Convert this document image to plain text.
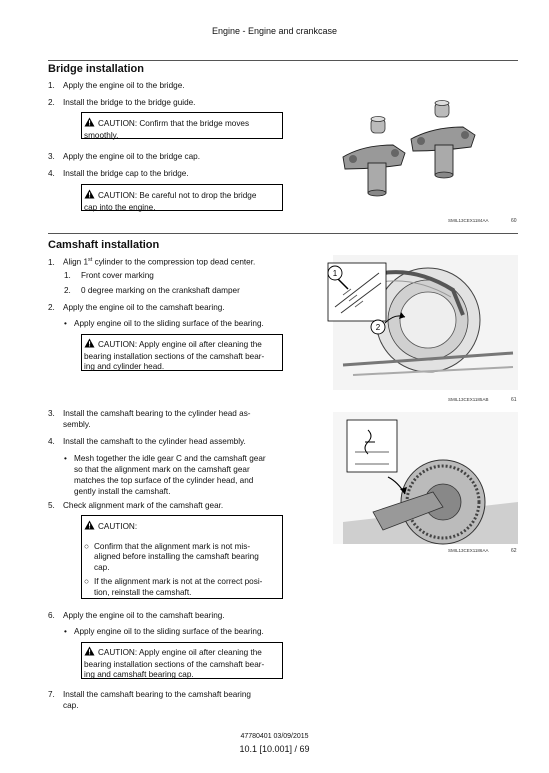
Engine - Engine and crankcase
Bridge installation
1. Apply the engine oil to the bridge.
2. Install the bridge to the bridge guide.
CAUTION: Confirm that the bridge moves
smoothly.
3. Apply the engine oil to the bridge cap.
4. Install the bridge cap to the bridge.
CAUTION: Be careful not to drop the bridge
cap into the engine.
SMIL13CEX1184AA	60
Camshaft installation
1. Align 1st cylinder to the compression top dead center.
1. Front cover marking
2. 0 degree marking on the crankshaft damper
2. Apply the engine oil to the camshaft bearing.
• Apply engine oil to the sliding surface of the bearing.
CAUTION: Apply engine oil after cleaning the
bearing installation sections of the camshaft bear-
ing and cylinder head.
1
2
SMIL13CEX1185AB	61
3. Install the camshaft bearing to the cylinder head as-
sembly.
4. Install the camshaft to the cylinder head assembly.
• Mesh together the idle gear C and the camshaft gear
so that the alignment mark on the camshaft gear
matches the top surface of the cylinder head, and
gently install the camshaft.
5. Check alignment mark of the camshaft gear.
CAUTION:
○ Confirm that the alignment mark is not mis-
aligned before installing the camshaft bearing
cap.
○ If the alignment mark is not at the correct posi-
tion, reinstall the camshaft.
SMIL13CEX1186AA	62
6. Apply the engine oil to the camshaft bearing.
• Apply engine oil to the sliding surface of the bearing.
CAUTION: Apply engine oil after cleaning the
bearing installation sections of the camshaft bear-
ing and camshaft bearing cap.
7. Install the camshaft bearing to the camshaft bearing
cap.
47780401 03/09/2015
10.1 [10.001] / 69
